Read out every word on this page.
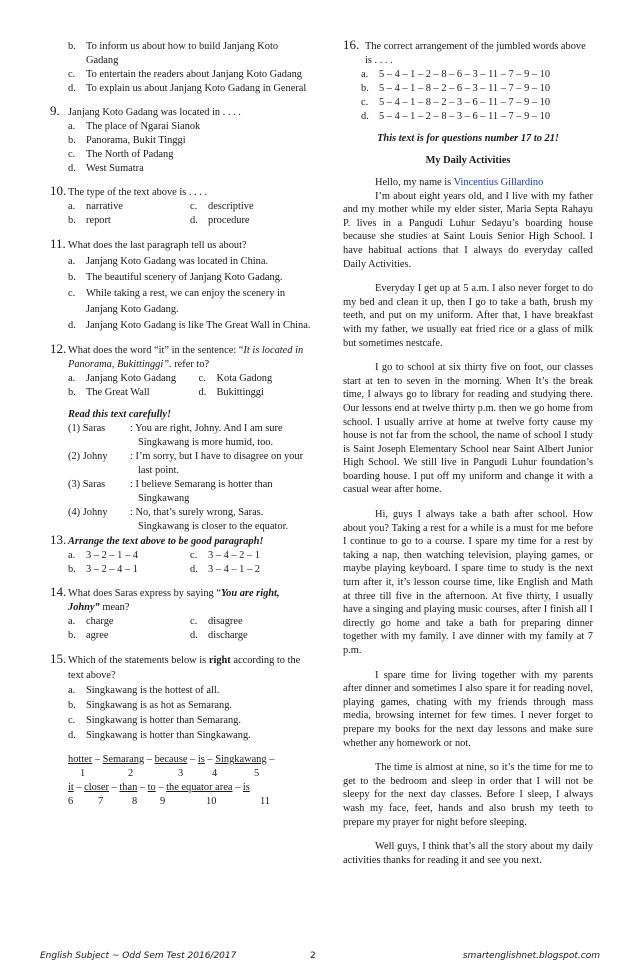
b. To inform us about how to build Janjang Koto Gadang
c. To entertain the readers about Janjang Koto Gadang
d. To explain us about Janjang Koto Gadang in General
9. Janjang Koto Gadang was located in . . . .
a. The place of Ngarai Sianok
b. Panorama, Bukit Tinggi
c. The North of Padang
d. West Sumatra
10. The type of the text above is . . . .
a. narrative	c. descriptive
b. report	d. procedure
11. What does the last paragraph tell us about?
a. Janjang Koto Gadang was located in China.
b. The beautiful scenery of Janjang Koto Gadang.
c. While taking a rest, we can enjoy the scenery in Janjang Koto Gadang.
d. Janjang Koto Gadang is like The Great Wall in China.
12. What does the word “it” in the sentence: “It is located in Panorama, Bukittinggi”. refer to?
a. Janjang Koto Gadang	c. Kota Gadong
b. The Great Wall	d. Bukittinggi
Read this text carefully!
(1) Saras : You are right, Johny. And I am sure Singkawang is more humid, too.
(2) Johny : I’m sorry, but I have to disagree on your last point.
(3) Saras : I believe Semarang is hotter than Singkawang
(4) Johny : No, that’s surely wrong, Saras. Singkawang is closer to the equator.
13. Arrange the text above to be good paragraph!
a. 3 – 2 – 1 – 4	c. 3 – 4 – 2 – 1
b. 3 – 2 – 4 – 1	d. 3 – 4 – 1 – 2
14. What does Saras express by saying “You are right, Johny” mean?
a. charge	c. disagree
b. agree	d. discharge
15. Which of the statements below is right according to the text above?
a. Singkawang is the hottest of all.
b. Singkawang is as hot as Semarang.
c. Singkawang is hotter than Semarang.
d. Singkawang is hotter than Singkawang.
hotter – Semarang – because – is – Singkawang –
1	2	3	4	5
it – closer – than – to – the equator area – is
6 7	8 9	10	11
16. The correct arrangement of the jumbled words above is . . . .
a. 5 – 4 – 1 – 2 – 8 – 6 – 3 – 11 – 7 – 9 – 10
b. 5 – 4 – 1 – 8 – 2 – 6 – 3 – 11 – 7 – 9 – 10
c. 5 – 4 – 1 – 8 – 2 – 3 – 6 – 11 – 7 – 9 – 10
d. 5 – 4 – 1 – 2 – 8 – 3 – 6 – 11 – 7 – 9 – 10
This text is for questions number 17 to 21!
My Daily Activities
Hello, my name is Vincentius Gillardino
I’m about eight years old, and I live with my father and my mother while my elder sister, Maria Septa Rahayu P. lives in a Pangudi Luhur Sedayu’s boarding house because she studies at Saint Louis Senior High School. I have habitual actions that I always do everyday called Daily Activities.
Everyday I get up at 5 a.m. I also never forget to do my bed and clean it up, then I go to take a bath, brush my teeth, and put on my uniform. After that, I have breakfast with my father, we usually eat fried rice or a glass of milk but sometimes nestcafe.
I go to school at six thirty five on foot, our classes start at ten to seven in the morning. When It’s the break time, I always go to library for reading and studying there. Our lessons end at twelve thirty p.m. then we go home from school. I usually arrive at home at twelve forty cause my house is not far from the school, the name of school I study is Saint Joseph Elementary School near Saint Albert Junior High School. We still live in Pangudi Luhur foundation’s boarding house. I put off my uniform and change it with a casual wear after home.
Hi, guys I always take a bath after school. How about you? Taking a rest for a while is a must for me before I continue to go to a course. I spare my time for a rest by taking a nap, then watching television, playing games, or maybe playing keyboard. I spare time to study is the next turn after it, it’s lesson course time, like English and Math at three till five in the afternoon. At five thirty, I usually have a singing and playing music courses, after I finish all I directly go home and take a bath for preparing dinner together with my family. I ave dinner with my family at 7 p.m.
I spare time for living together with my parents after dinner and sometimes I also spare it for reading novel, playing games, chating with my friends through mass media, browsing internet for few times. I never forget to prepare my books for the next day lessons and make sure whether any homework or not.
The time is almost at nine, so it’s the time for me to get to the bedroom and sleep in order that I will not be sleepy for the next day classes. Before I sleep, I always wash my face, feet, hands and also brush my teeth to prepare my prayer for night before sleeping.
Well guys, I think that’s all the story about my daily activities thanks for reading it and see you next.
English Subject ~ Odd Sem Test 2016/2017	2	smartenglishnet.blogspot.com
